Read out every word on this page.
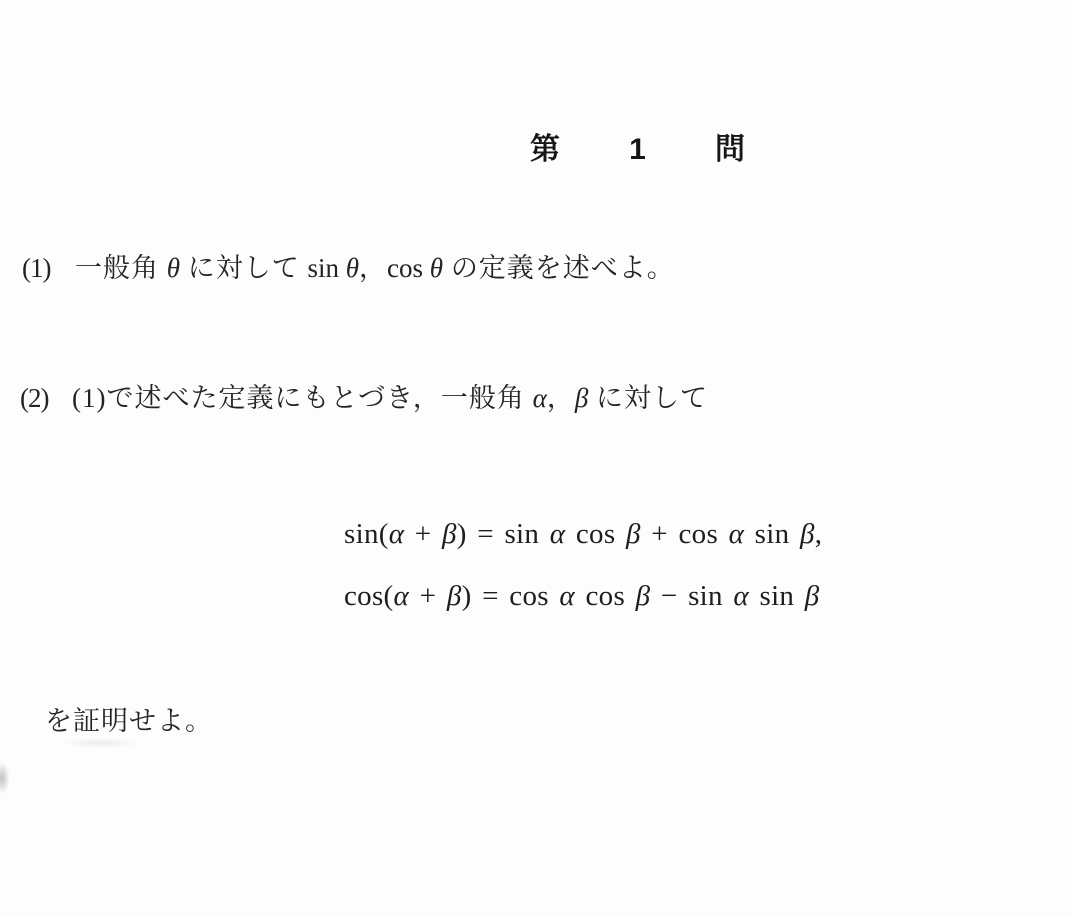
第 1 問
(1) 一般角 θ に対して sin θ，cos θ の定義を述べよ。
(2) (1)で述べた定義にもとづき，一般角 α，β に対して
sin(α + β) = sin α cos β + cos α sin β,
cos(α + β) = cos α cos β − sin α sin β
を証明せよ。
